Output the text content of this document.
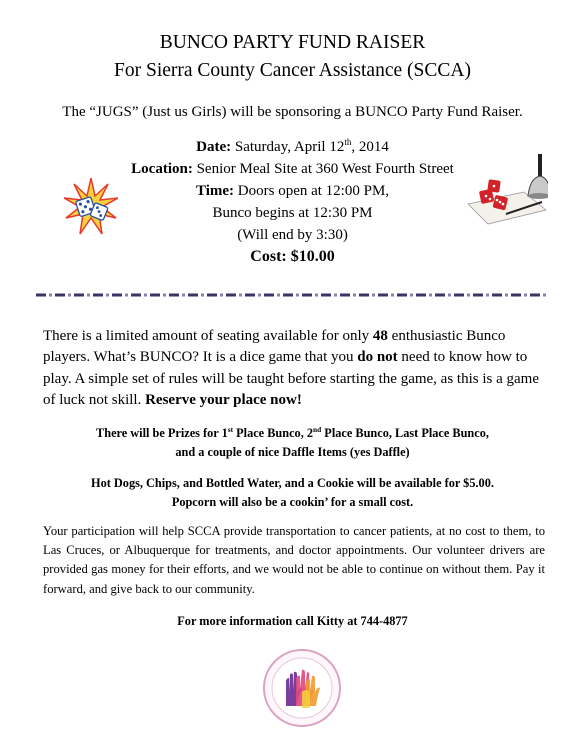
BUNCO PARTY FUND RAISER
For Sierra County Cancer Assistance (SCCA)
The “JUGS” (Just us Girls) will be sponsoring a BUNCO Party Fund Raiser.
Date: Saturday, April 12th, 2014
Location: Senior Meal Site at 360 West Fourth Street
Time: Doors open at 12:00 PM,
Bunco begins at 12:30 PM
(Will end by 3:30)
Cost: $10.00
There is a limited amount of seating available for only 48 enthusiastic Bunco players. What’s BUNCO? It is a dice game that you do not need to know how to play. A simple set of rules will be taught before starting the game, as this is a game of luck not skill. Reserve your place now!
There will be Prizes for 1st Place Bunco, 2nd Place Bunco, Last Place Bunco,
and a couple of nice Daffle Items (yes Daffle)
Hot Dogs, Chips, and Bottled Water, and a Cookie will be available for $5.00.
Popcorn will also be a cookin’ for a small cost.
Your participation will help SCCA provide transportation to cancer patients, at no cost to them, to Las Cruces, or Albuquerque for treatments, and doctor appointments. Our volunteer drivers are provided gas money for their efforts, and we would not be able to continue on without them. Pay it forward, and give back to our community.
For more information call Kitty at 744-4877
